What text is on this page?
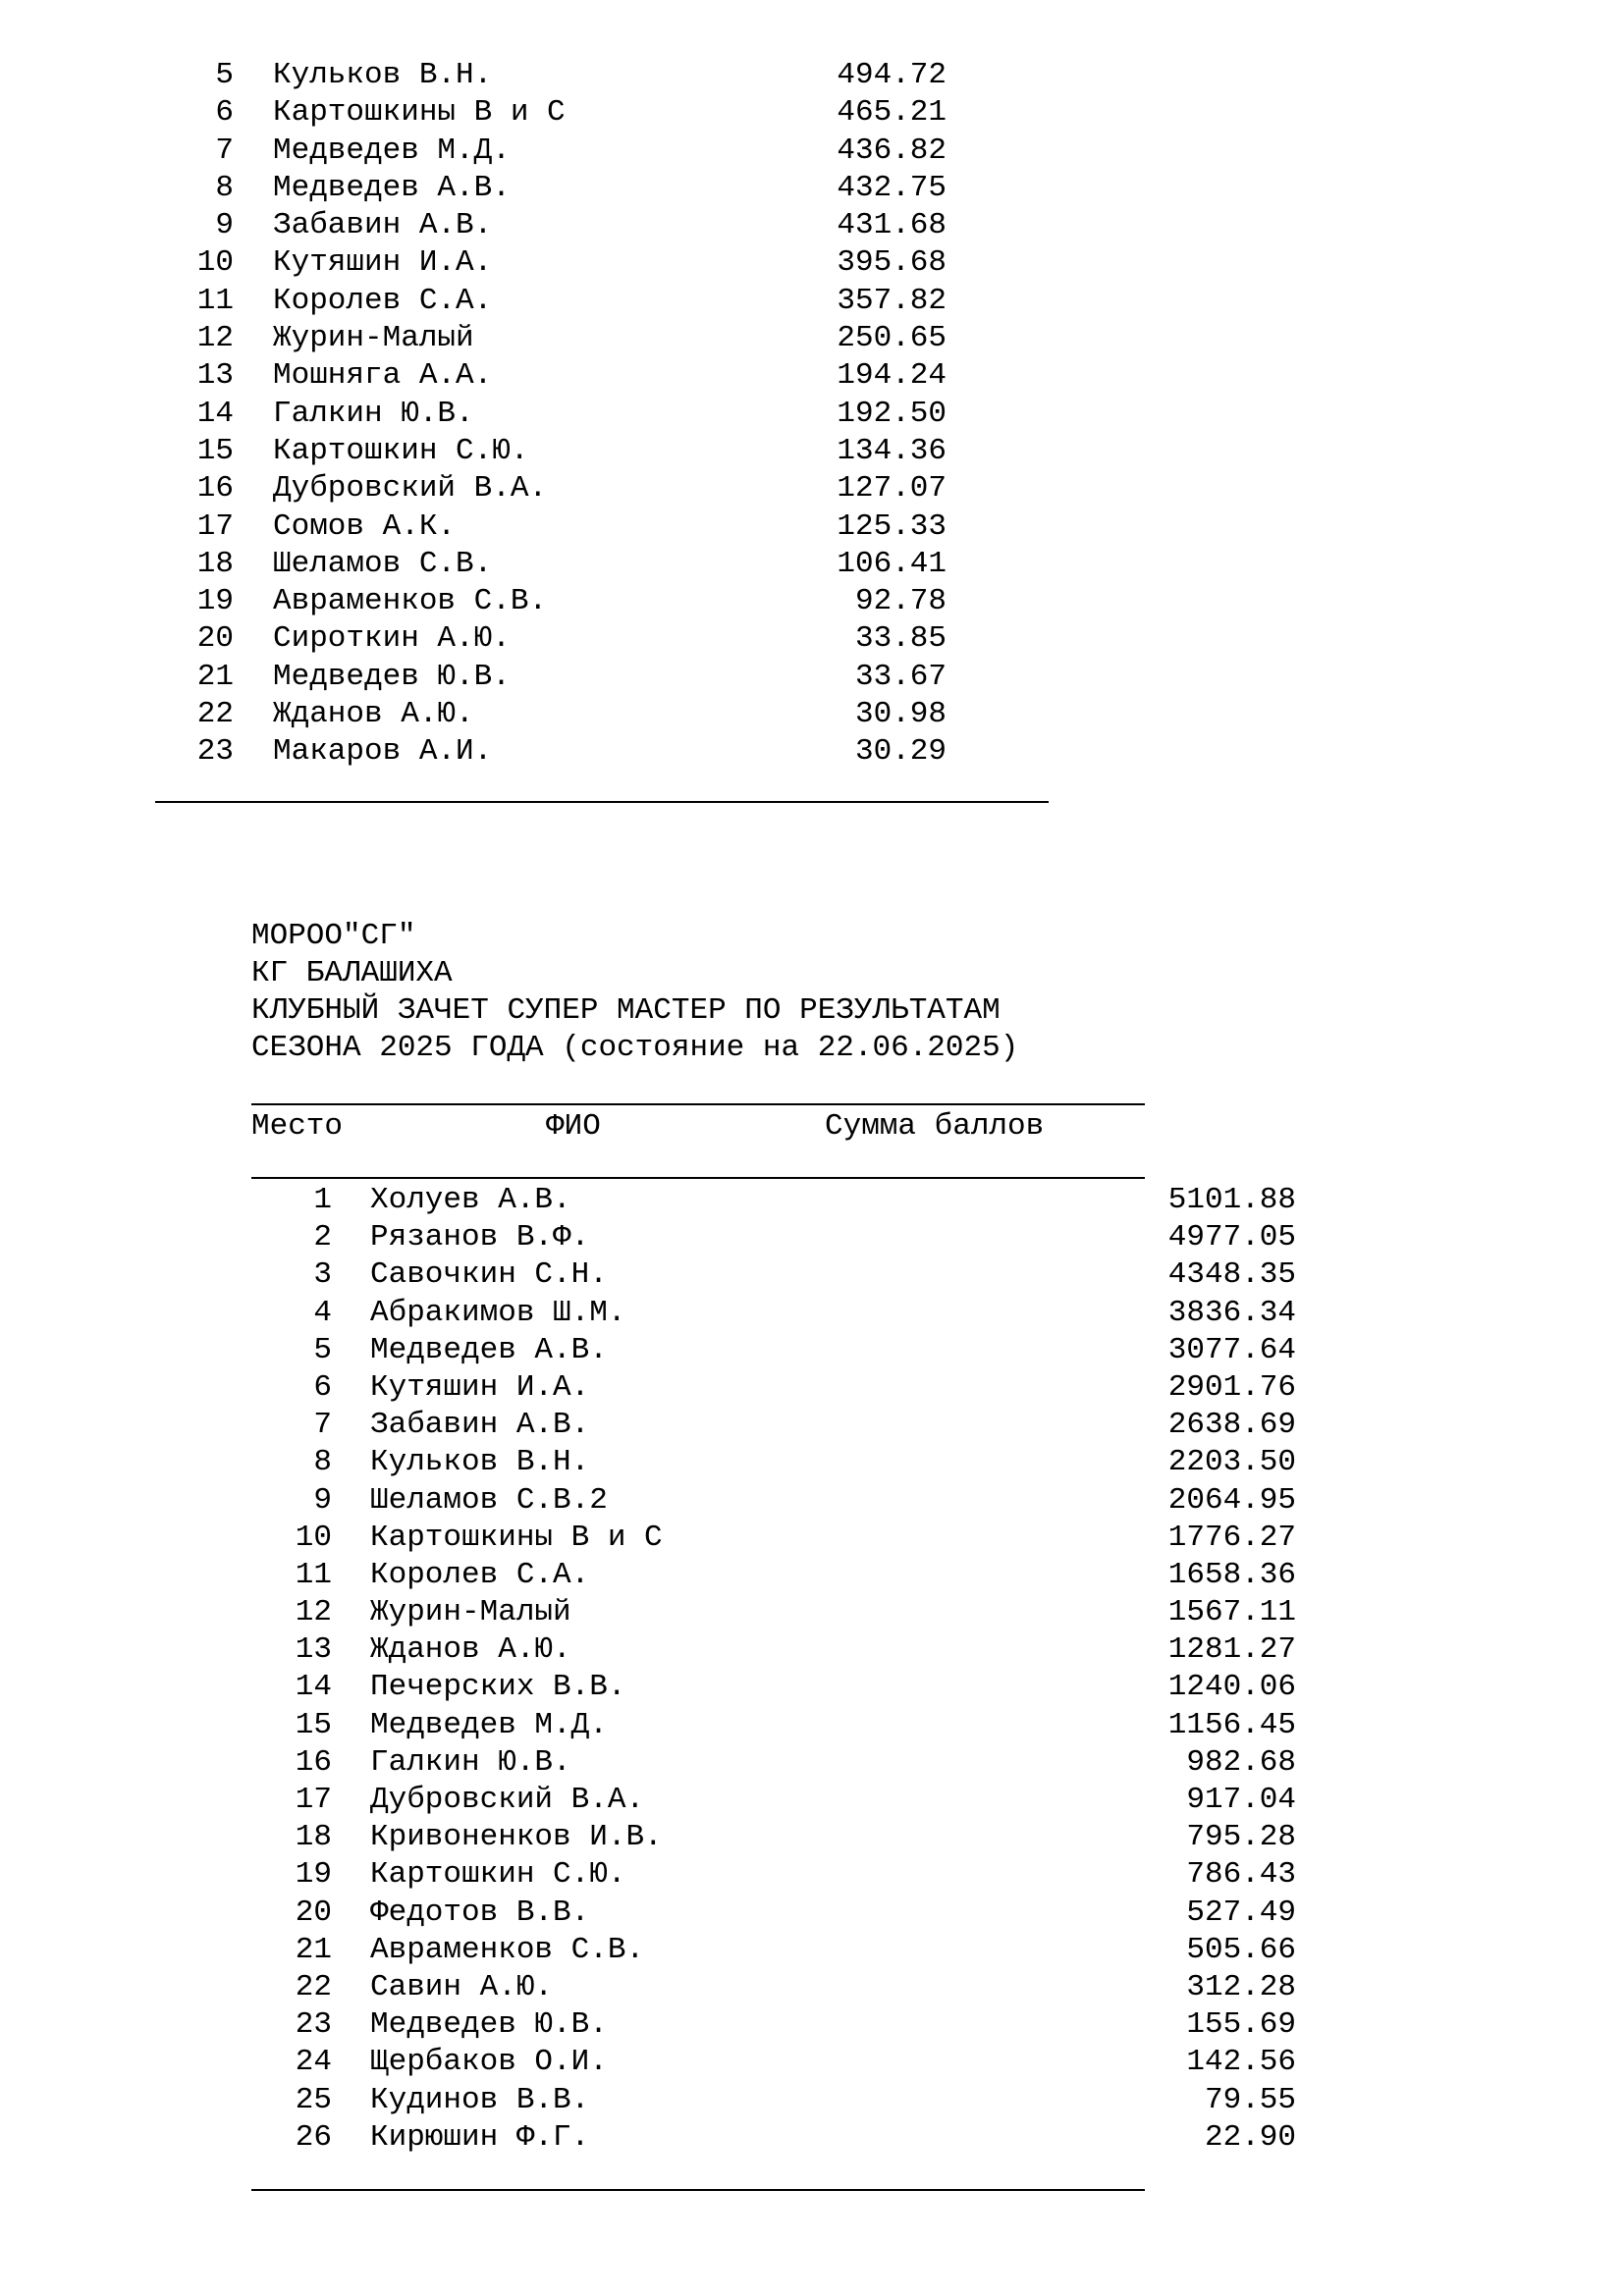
5 Кульков В.Н.	494.72
6 Картошкины В и С	465.21
7 Медведев М.Д.	436.82
8 Медведев А.В.	432.75
9 Забавин А.В.	431.68
10 Кутяшин И.А.	395.68
11 Королев С.А.	357.82
12 Журин-Малый	250.65
13 Мошняга А.А.	194.24
14 Галкин Ю.В.	192.50
15 Картошкин С.Ю.	134.36
16 Дубровский В.А.	127.07
17 Сомов А.К.	125.33
18 Шеламов С.В.	106.41
19 Авраменков С.В.	92.78
20 Сироткин А.Ю.	33.85
21 Медведев Ю.В.	33.67
22 Жданов А.Ю.	30.98
23 Макаров А.И.	30.29
МОРОО"СГ"
КГ БАЛАШИХА
КЛУБНЫЙ ЗАЧЕТ СУПЕР МАСТЕР ПО РЕЗУЛЬТАТАМ
СЕЗОНА 2025 ГОДА (состояние на 22.06.2025)
Место	ФИО	Сумма баллов
1 Холуев А.В.	5101.88
2 Рязанов В.Ф.	4977.05
3 Савочкин С.Н.	4348.35
4 Абракимов Ш.М.	3836.34
5 Медведев А.В.	3077.64
6 Кутяшин И.А.	2901.76
7 Забавин А.В.	2638.69
8 Кульков В.Н.	2203.50
9 Шеламов С.В.2	2064.95
10 Картошкины В и С	1776.27
11 Королев С.А.	1658.36
12 Журин-Малый	1567.11
13 Жданов А.Ю.	1281.27
14 Печерских В.В.	1240.06
15 Медведев М.Д.	1156.45
16 Галкин Ю.В.	982.68
17 Дубровский В.А.	917.04
18 Кривоненков И.В.	795.28
19 Картошкин С.Ю.	786.43
20 Федотов В.В.	527.49
21 Авраменков С.В.	505.66
22 Савин А.Ю.	312.28
23 Медведев Ю.В.	155.69
24 Щербаков О.И.	142.56
25 Кудинов В.В.	79.55
26 Кирюшин Ф.Г.	22.90
